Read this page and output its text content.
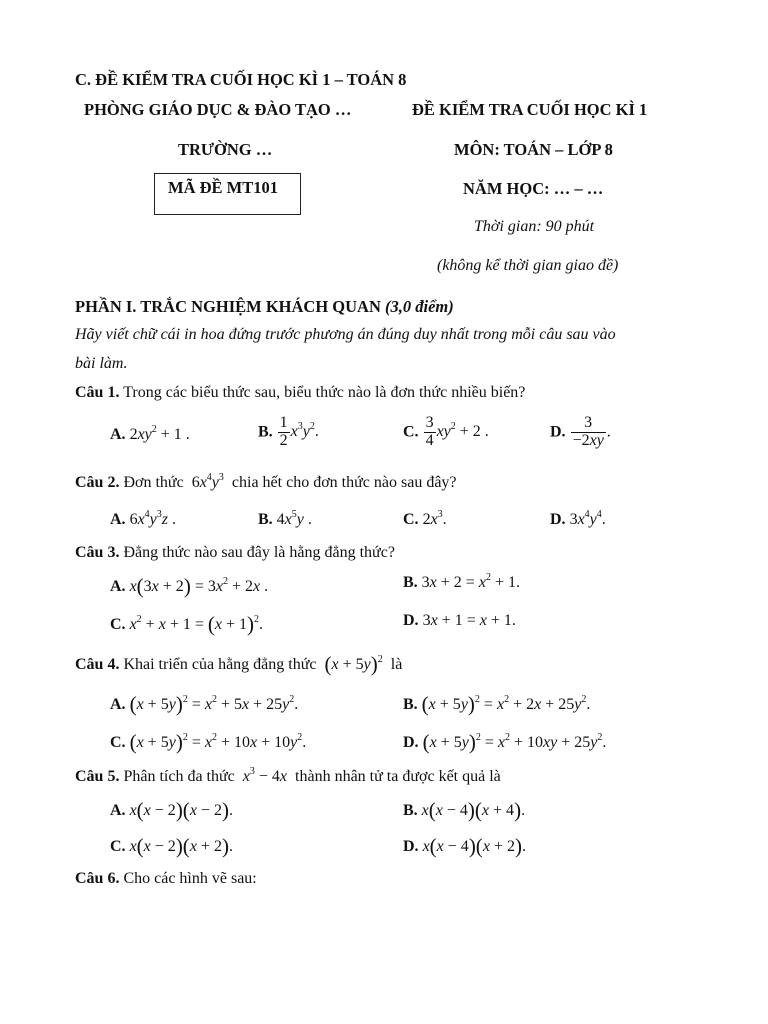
C. ĐỀ KIỂM TRA CUỐI HỌC KÌ 1 – TOÁN 8
PHÒNG GIÁO DỤC & ĐÀO TẠO …	ĐỀ KIỂM TRA CUỐI HỌC KÌ 1
TRƯỜNG …	MÔN: TOÁN – LỚP 8
MÃ ĐỀ MT101	NĂM HỌC: … – …
Thời gian: 90 phút
(không kể thời gian giao đề)
PHẦN I. TRẮC NGHIỆM KHÁCH QUAN (3,0 điểm)
Hãy viết chữ cái in hoa đứng trước phương án đúng duy nhất trong mỗi câu sau vào
bài làm.
Câu 1. Trong các biểu thức sau, biểu thức nào là đơn thức nhiều biến?
A. $2xy^2 + 1$ .	B. $\frac{1}{2} x^3y^2$.	C. $\frac{3}{4} xy^2 + 2$ .	D. $\frac{3}{-2xy}$ .
Câu 2. Đơn thức  $6x^4y^3$ chia hết cho đơn thức nào sau đây?
A. $6x^4y^3z$ .	B. $4x^5y$ .	C. $2x^3$.	D. $3x^4y^4$.
Câu 3. Đẳng thức nào sau đây là hằng đẳng thức?
A. $x(3x + 2) = 3x^2 + 2x$ .	B. $3x + 2 = x^2 + 1$.
C. $x^2 + x + 1 = (x + 1)^2$.	D. 3x + 1 = x + 1.
Câu 4. Khai triển của hằng đẳng thức $(x + 5y)^2$ là
A. $(x + 5y)^2 = x^2 + 5x + 25y^2$.	B. $(x + 5y)^2 = x^2 + 2x + 25y^2$.
C. $(x + 5y)^2 = x^2 + 10x + 10y^2$.	D. $(x + 5y)^2 = x^2 + 10xy + 25y^2$.
Câu 5. Phân tích đa thức $x^3 - 4x$ thành nhân tử ta được kết quả là
A. x(x − 2)(x − 2).	B. x(x − 4)(x + 4).
C. x(x − 2)(x + 2).	D. x(x − 4)(x + 2).
Câu 6. Cho các hình vẽ sau:
